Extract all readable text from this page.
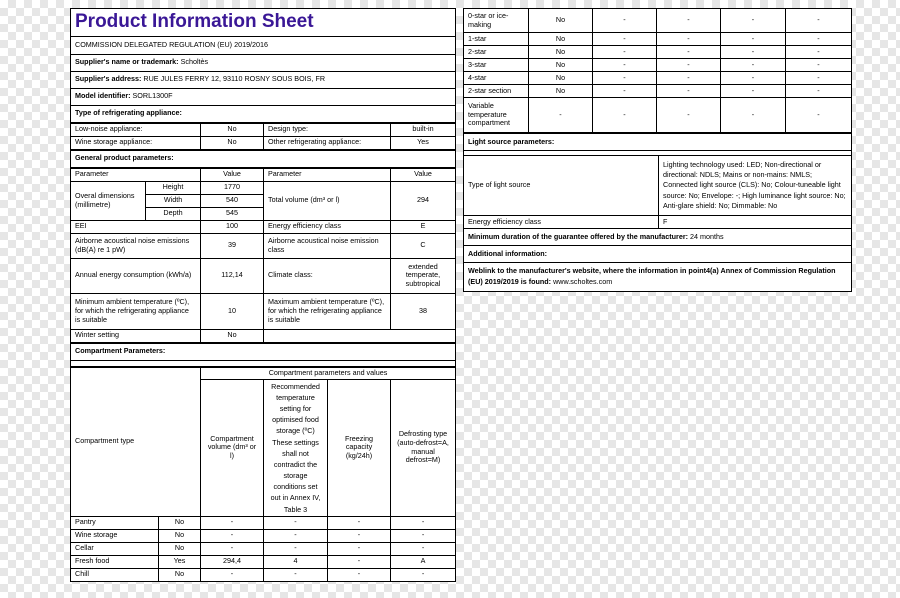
Product Information Sheet
COMMISSION DELEGATED REGULATION (EU) 2019/2016
Supplier's name or trademark: Scholtès
Supplier's address: RUE JULES FERRY 12, 93110 ROSNY SOUS BOIS, FR
Model identifier: SORL1300F
Type of refrigerating appliance:
Low-noise appliance:	No	Design type:	built-in
Wine storage appliance:	No	Other refrigerating appliance:	Yes
General product parameters:
Parameter		Value	Parameter	Value
Overal dimensions (millimetre)	Height	1770	Total volume (dm³ or l)	294
	Width	540		
	Depth	545		
EEI		100	Energy efficiency class	E
Airborne acoustical noise emissions (dB(A) re 1 pW)		39	Airborne acoustical noise emission class	C
Annual energy consumption (kWh/a)		112,14	Climate class:	extended temperate, subtropical
Minimum ambient temperature (ºC), for which the refrigerating appliance is suitable		10	Maximum ambient temperature (ºC), for which the refrigerating appliance is suitable	38
Winter setting		No		
Compartment Parameters:

Compartment type		Compartment parameters and values			
		Compartment volume (dm³ or l)	Recommended temperature setting for optimised food storage (ºC) These settings shall not contradict the storage conditions set out in Annex IV, Table 3	Freezing capacity (kg/24h)	Defrosting type (auto-defrost=A, manual defrost=M)
Pantry	No	-	-	-	-
Wine storage	No	-	-	-	-
Cellar	No	-	-	-	-
Fresh food	Yes	294,4	4	-	A
Chill	No	-	-	-	-
0-star or ice-making	No	-	-	-	-
1-star	No	-	-	-	-
2-star	No	-	-	-	-
3-star	No	-	-	-	-
4-star	No	-	-	-	-
2-star section	No	-	-	-	-
Variable temperature compartment	-	-	-	-	-
Light source parameters:	

Type of light source	Lighting technology used: LED; Non-directional or directional: NDLS; Mains or non-mains: NMLS; Connected light source (CLS): No; Colour-tuneable light source: No; Envelope: -; High luminance light source: No; Anti-glare shield: No; Dimmable: No
Energy efficiency class	F
Minimum duration of the guarantee offered by the manufacturer: 24 months	
Additional information:	
Weblink to the manufacturer's website, where the information in point4(a) Annex of Commission Regulation (EU) 2019/2019 is found: www.scholtes.com	
